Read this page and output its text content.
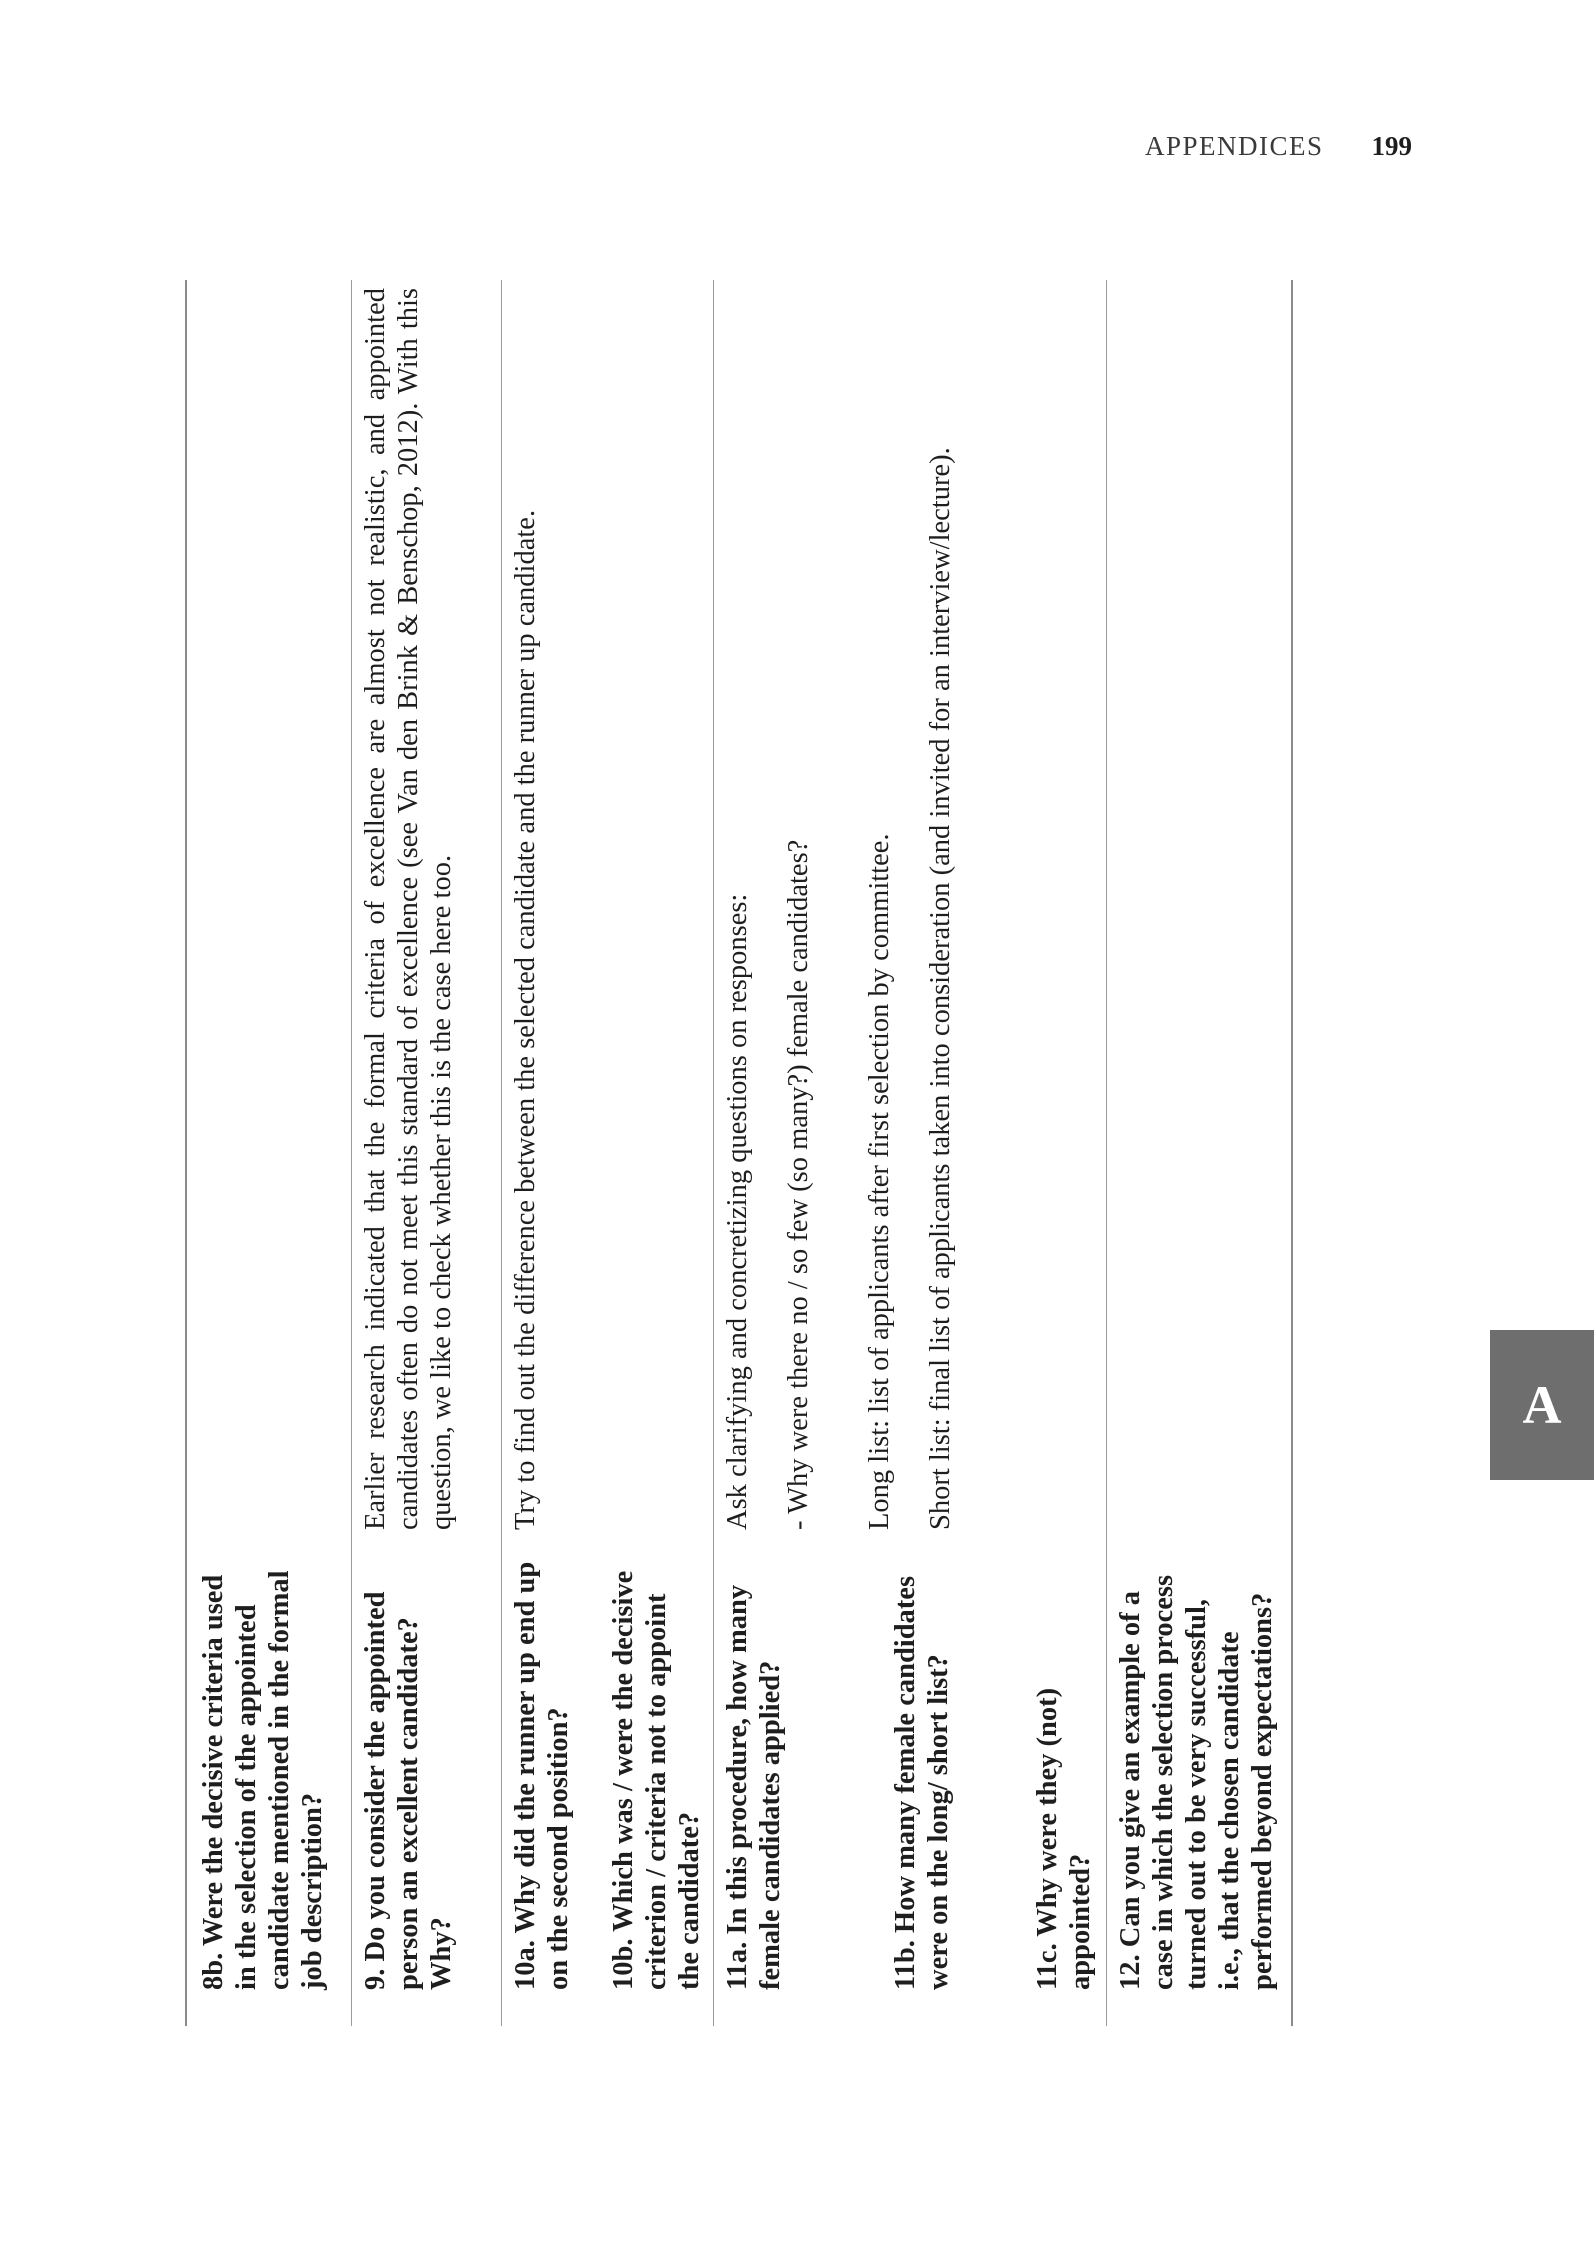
APPENDICES 199
A
8b. Were the decisive criteria used in the selection of the appointed candidate mentioned in the formal job description? 9. Do you consider the appointed person an excellent candidate? Why?
Earlier research indicated that the formal criteria of excellence are almost not realistic, and appointed candidates often do not meet this standard of excellence (see Van den Brink & Benschop, 2012). With this question, we like to check whether this is the case here too.
10a. Why did the runner up end up on the second position? 10b. Which was / were the decisive criterion / criteria not to appoint the candidate?
Try to find out the difference between the selected candidate and the runner up candidate.
11a. In this procedure, how many female candidates applied?	11b. How many female candidates were on the long/ short list?	11c. Why were they (not) appointed?

Ask clarifying and concretizing questions on responses: - Why were there no / so few (so many?) female candidates? Long list: list of applicants after first selection by committee. Short list: final list of applicants taken into consideration (and invited for an interview/lecture).

12. Can you give an example of a case in which the selection process turned out to be very successful, i.e., that the chosen candidate performed beyond expectations?
